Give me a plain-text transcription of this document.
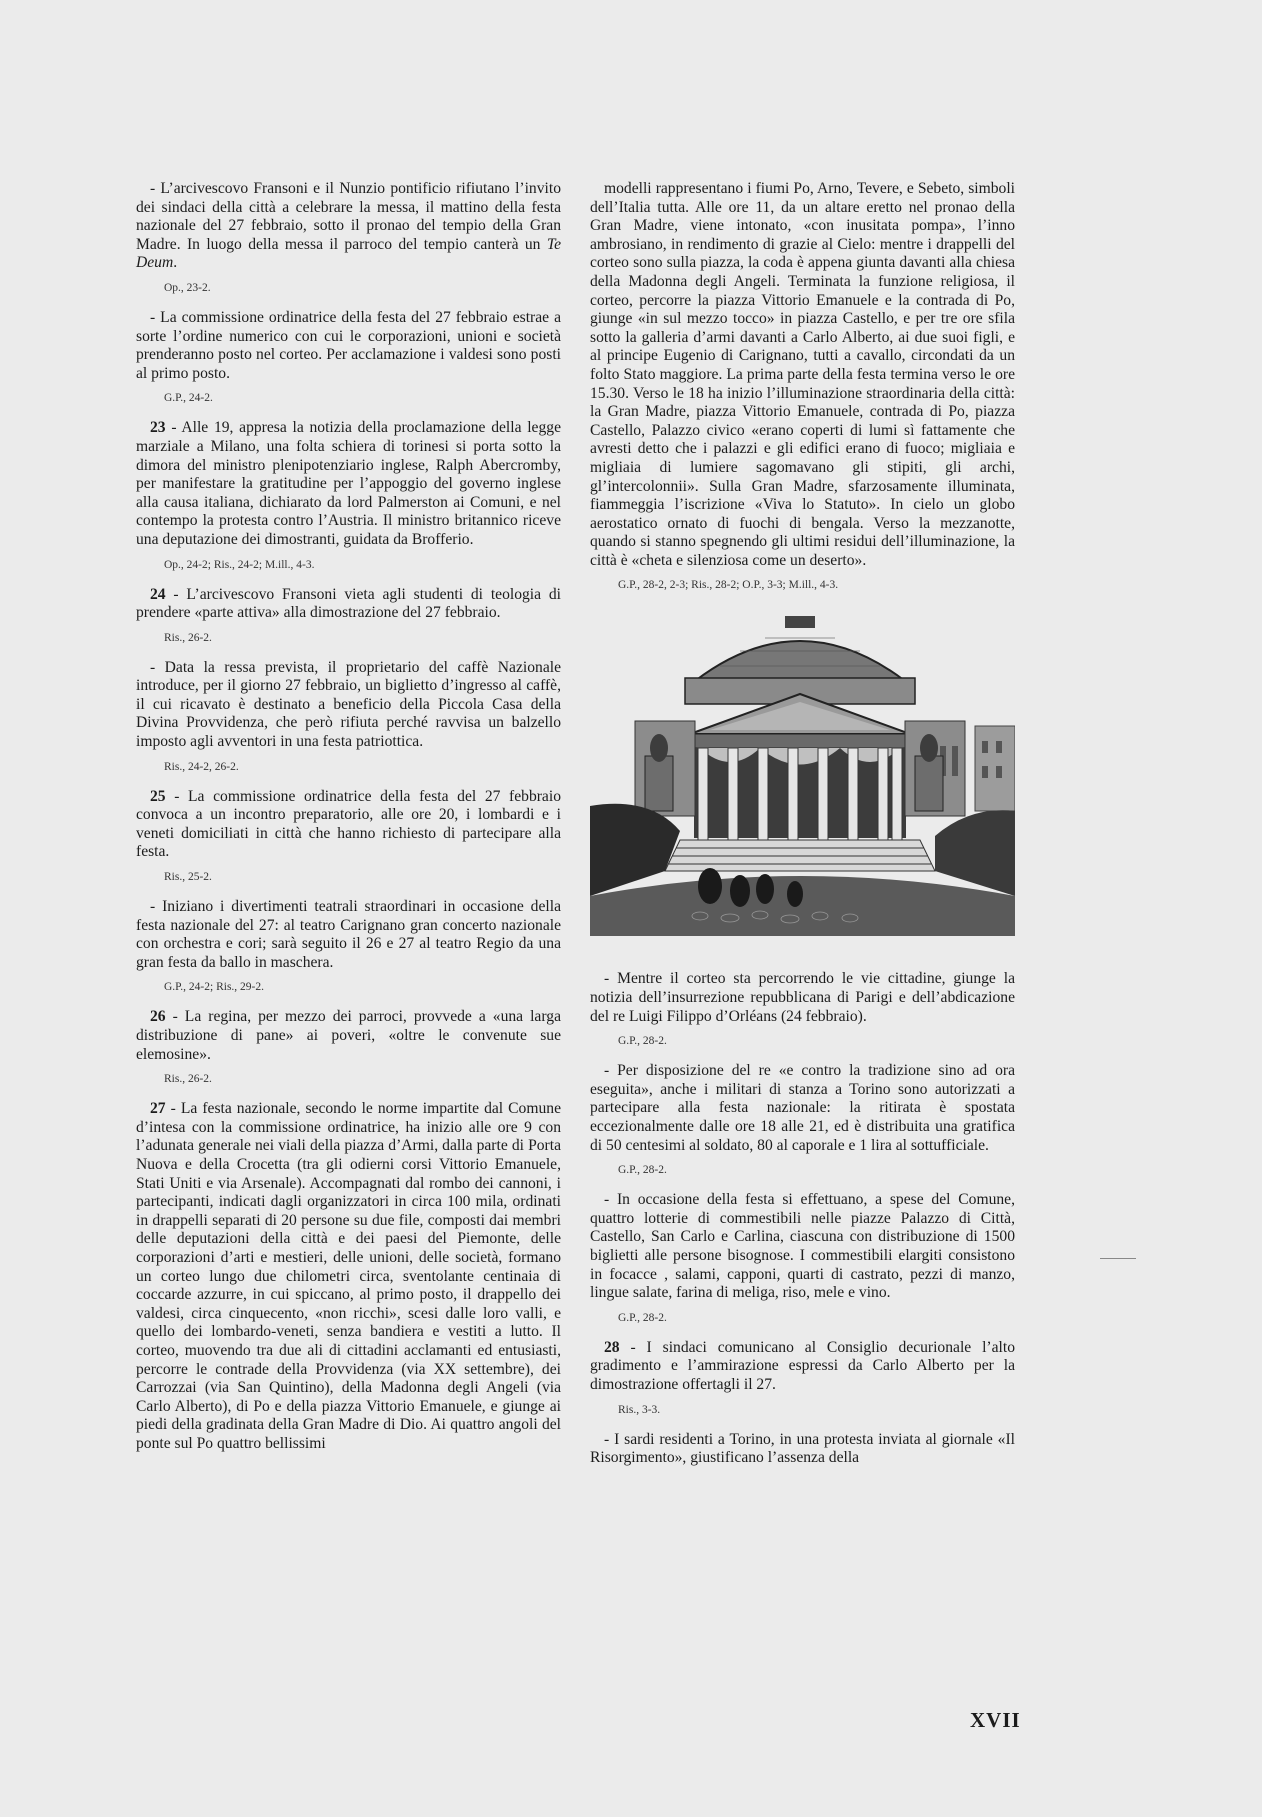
- L’arcivescovo Fransoni e il Nunzio pontificio rifiutano l’invito dei sindaci della città a celebrare la messa, il mattino della festa nazionale del 27 febbraio, sotto il pronao del tempio della Gran Madre. In luogo della messa il parroco del tempio canterà un Te Deum.

Op., 23-2.

- La commissione ordinatrice della festa del 27 febbraio estrae a sorte l’ordine numerico con cui le corporazioni, unioni e società prenderanno posto nel corteo. Per acclamazione i valdesi sono posti al primo posto.

G.P., 24-2.

23 - Alle 19, appresa la notizia della proclamazione della legge marziale a Milano, una folta schiera di torinesi si porta sotto la dimora del ministro plenipotenziario inglese, Ralph Abercromby, per manifestare la gratitudine per l’appoggio del governo inglese alla causa italiana, dichiarato da lord Palmerston ai Comuni, e nel contempo la protesta contro l’Austria. Il ministro britannico riceve una deputazione dei dimostranti, guidata da Brofferio.

Op., 24-2; Ris., 24-2; M.ill., 4-3.

24 - L’arcivescovo Fransoni vieta agli studenti di teologia di prendere «parte attiva» alla dimostrazione del 27 febbraio.

Ris., 26-2.

- Data la ressa prevista, il proprietario del caffè Nazionale introduce, per il giorno 27 febbraio, un biglietto d’ingresso al caffè, il cui ricavato è destinato a beneficio della Piccola Casa della Divina Provvidenza, che però rifiuta perché ravvisa un balzello imposto agli avventori in una festa patriottica.

Ris., 24-2, 26-2.

25 - La commissione ordinatrice della festa del 27 febbraio convoca a un incontro preparatorio, alle ore 20, i lombardi e i veneti domiciliati in città che hanno richiesto di partecipare alla festa.

Ris., 25-2.

- Iniziano i divertimenti teatrali straordinari in occasione della festa nazionale del 27: al teatro Carignano gran concerto nazionale con orchestra e cori; sarà seguito il 26 e 27 al teatro Regio da una gran festa da ballo in maschera.

G.P., 24-2; Ris., 29-2.

26 - La regina, per mezzo dei parroci, provvede a «una larga distribuzione di pane» ai poveri, «oltre le convenute sue elemosine».

Ris., 26-2.

27 - La festa nazionale, secondo le norme impartite dal Comune d’intesa con la commissione ordinatrice, ha inizio alle ore 9 con l’adunata generale nei viali della piazza d’Armi, dalla parte di Porta Nuova e della Crocetta (tra gli odierni corsi Vittorio Emanuele, Stati Uniti e via Arsenale). Accompagnati dal rombo dei cannoni, i partecipanti, indicati dagli organizzatori in circa 100 mila, ordinati in drappelli separati di 20 persone su due file, composti dai membri delle deputazioni della città e dei paesi del Piemonte, delle corporazioni d’arti e mestieri, delle unioni, delle società, formano un corteo lungo due chilometri circa, sventolante centinaia di coccarde azzurre, in cui spiccano, al primo posto, il drappello dei valdesi, circa cinquecento, «non ricchi», scesi dalle loro valli, e quello dei lombardo-veneti, senza bandiera e vestiti a lutto. Il corteo, muovendo tra due ali di cittadini acclamanti ed entusiasti, percorre le contrade della Provvidenza (via XX settembre), dei Carrozzai (via San Quintino), della Madonna degli Angeli (via Carlo Alberto), di Po e della piazza Vittorio Emanuele, e giunge ai piedi della gradinata della Gran Madre di Dio. Ai quattro angoli del ponte sul Po quattro bellissimi

modelli rappresentano i fiumi Po, Arno, Tevere, e Sebeto, simboli dell’Italia tutta. Alle ore 11, da un altare eretto nel pronao della Gran Madre, viene intonato, «con inusitata pompa», l’inno ambrosiano, in rendimento di grazie al Cielo: mentre i drappelli del corteo sono sulla piazza, la coda è appena giunta davanti alla chiesa della Madonna degli Angeli. Terminata la funzione religiosa, il corteo, percorre la piazza Vittorio Emanuele e la contrada di Po, giunge «in sul mezzo tocco» in piazza Castello, e per tre ore sfila sotto la galleria d’armi davanti a Carlo Alberto, ai due suoi figli, e al principe Eugenio di Carignano, tutti a cavallo, circondati da un folto Stato maggiore. La prima parte della festa termina verso le ore 15.30. Verso le 18 ha inizio l’illuminazione straordinaria della città: la Gran Madre, piazza Vittorio Emanuele, contrada di Po, piazza Castello, Palazzo civico «erano coperti di lumi sì fattamente che avresti detto che i palazzi e gli edifici erano di fuoco; migliaia e migliaia di lumiere sagomavano gli stipiti, gli archi, gl’intercolonnii». Sulla Gran Madre, sfarzosamente illuminata, fiammeggia l’iscrizione «Viva lo Statuto». In cielo un globo aerostatico ornato di fuochi di bengala. Verso la mezzanotte, quando si stanno spegnendo gli ultimi residui dell’illuminazione, la città è «cheta e silenziosa come un deserto».

G.P., 28-2, 2-3; Ris., 28-2; O.P., 3-3; M.ill., 4-3.

- Mentre il corteo sta percorrendo le vie cittadine, giunge la notizia dell’insurrezione repubblicana di Parigi e dell’abdicazione del re Luigi Filippo d’Orléans (24 febbraio).

G.P., 28-2.

- Per disposizione del re «e contro la tradizione sino ad ora eseguita», anche i militari di stanza a Torino sono autorizzati a partecipare alla festa nazionale: la ritirata è spostata eccezionalmente dalle ore 18 alle 21, ed è distribuita una gratifica di 50 centesimi al soldato, 80 al caporale e 1 lira al sottufficiale.

G.P., 28-2.

- In occasione della festa si effettuano, a spese del Comune, quattro lotterie di commestibili nelle piazze Palazzo di Città, Castello, San Carlo e Carlina, ciascuna con distribuzione di 1500 biglietti alle persone bisognose. I commestibili elargiti consistono in focacce , salami, capponi, quarti di castrato, pezzi di manzo, lingue salate, farina di meliga, riso, mele e vino.

G.P., 28-2.

28 - I sindaci comunicano al Consiglio decurionale l’alto gradimento e l’ammirazione espressi da Carlo Alberto per la dimostrazione offertagli il 27.

Ris., 3-3.

- I sardi residenti a Torino, in una protesta inviata al giornale «Il Risorgimento», giustificano l’assenza della

XVII
